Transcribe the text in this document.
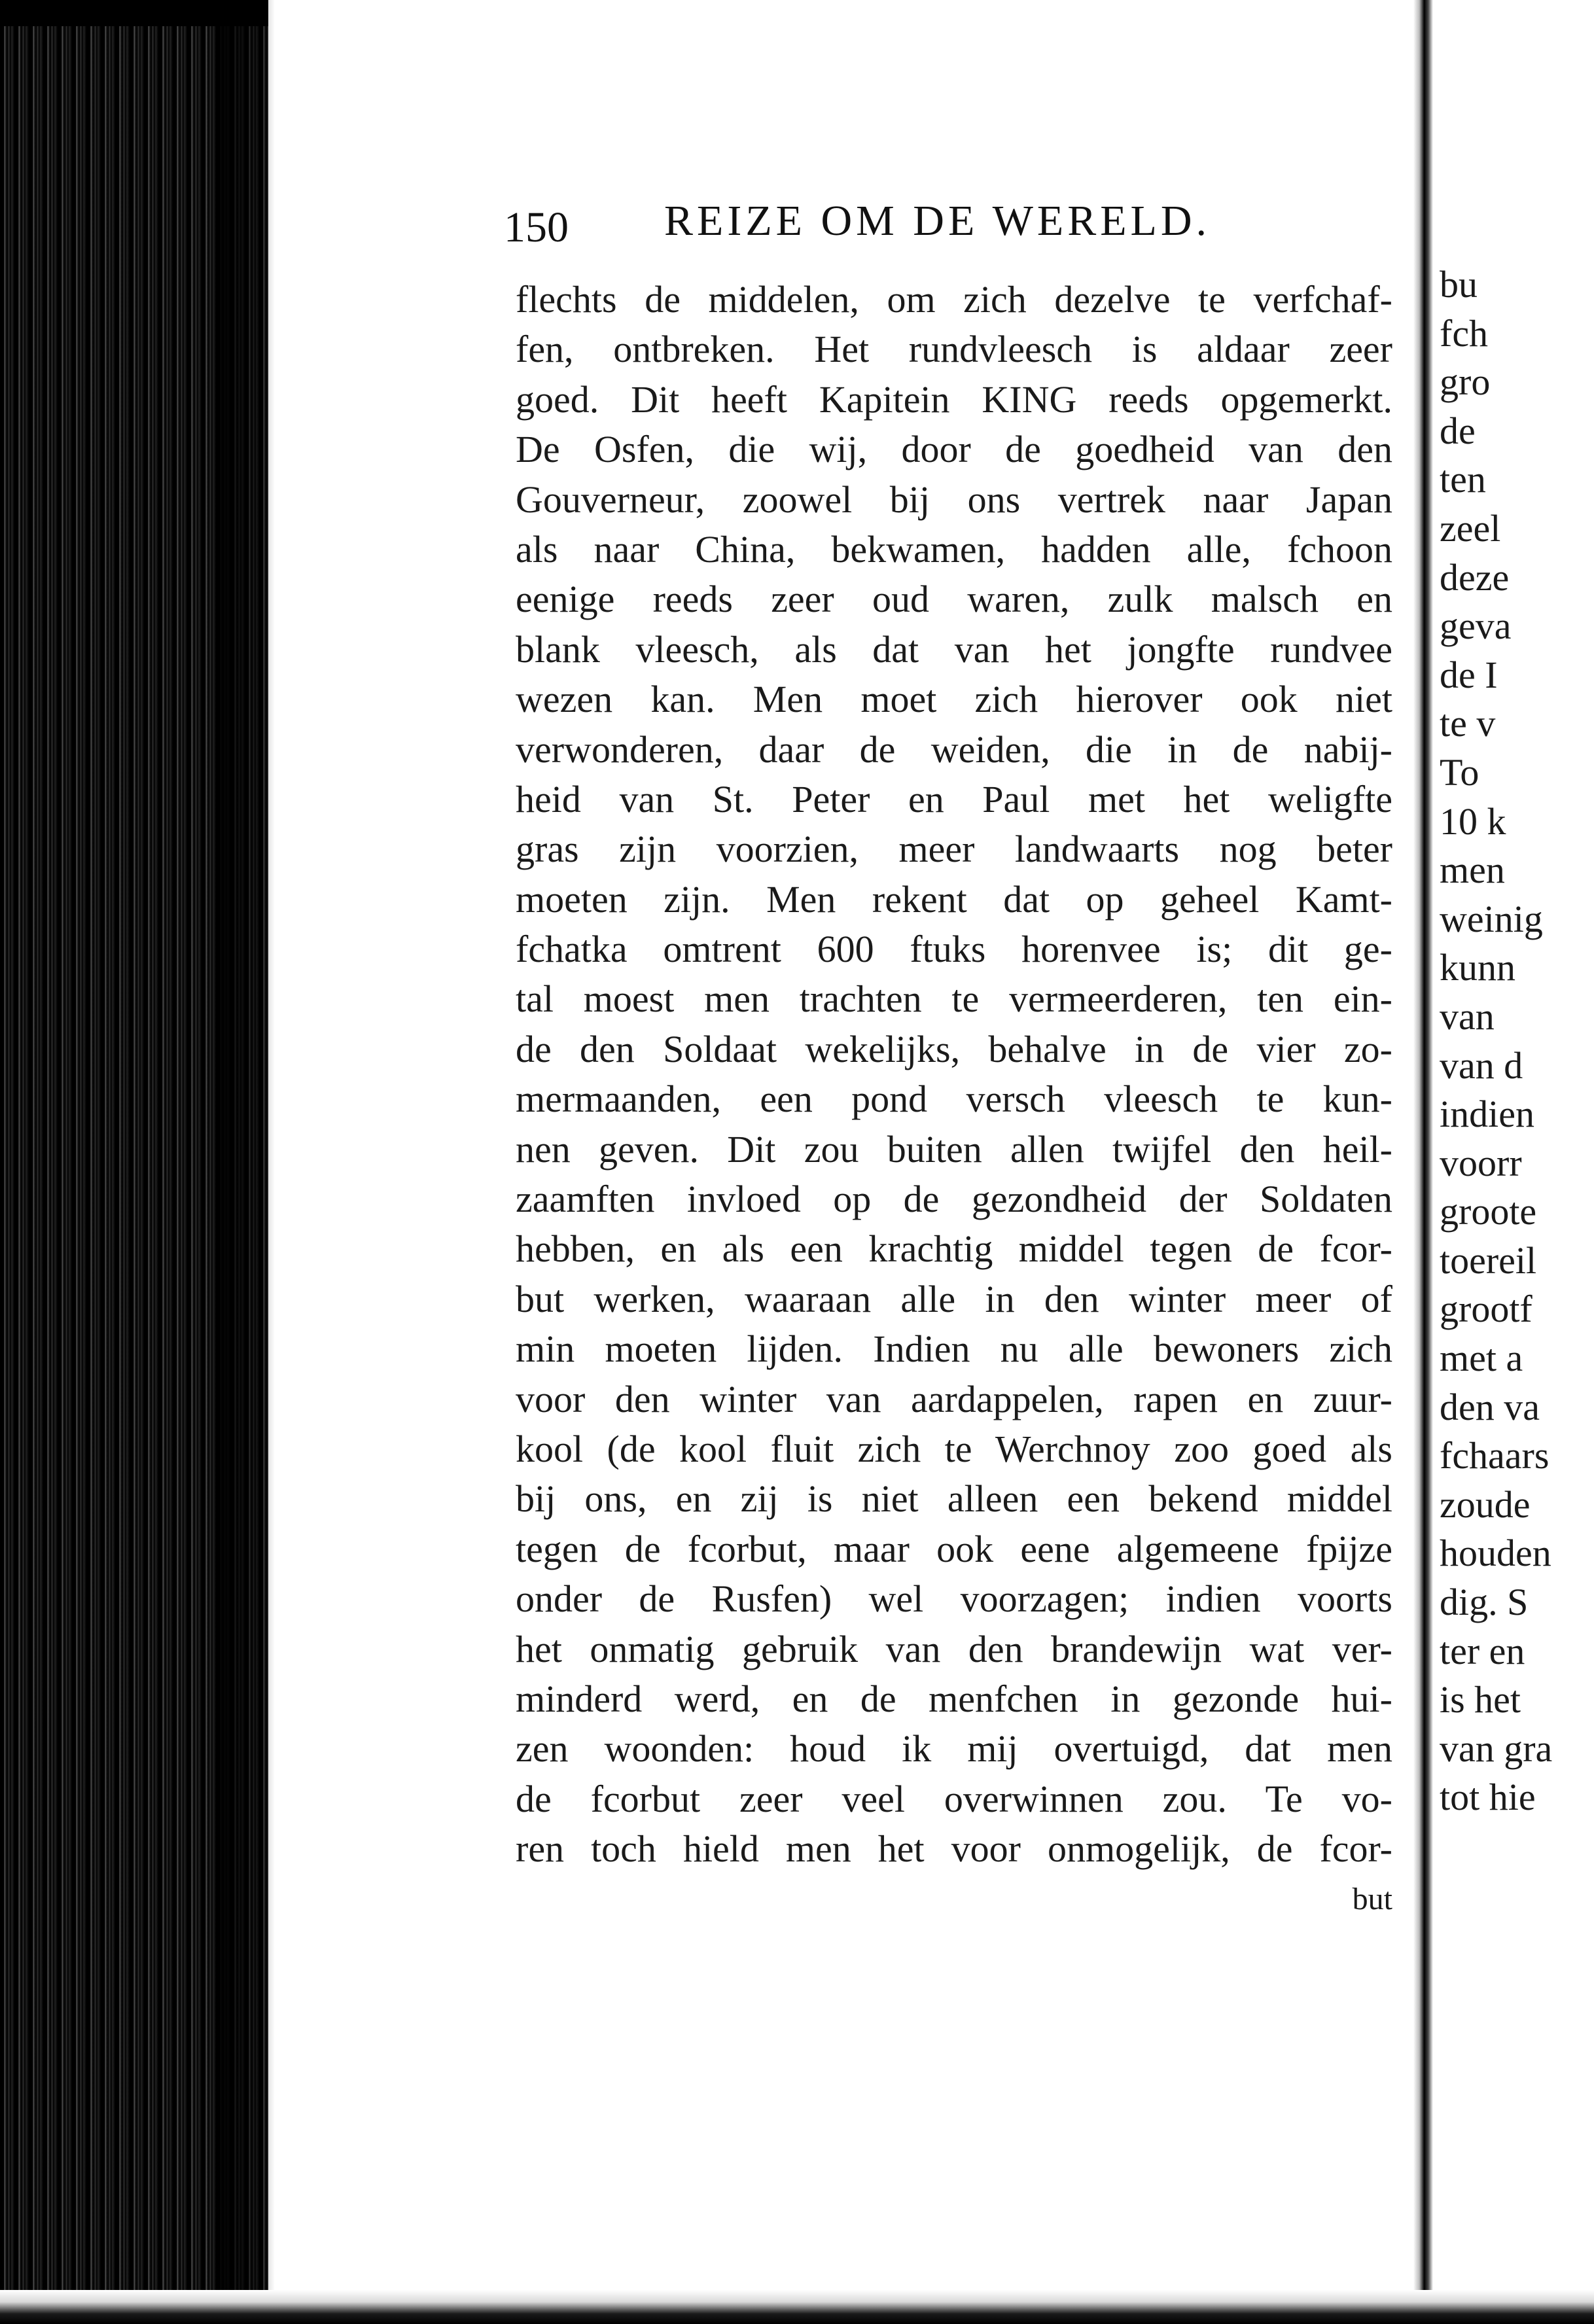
150 REIZE OM DE WERELD.
flechts de middelen, om zich dezelve te verfchaf-
fen, ontbreken. Het rundvleesch is aldaar zeer
goed. Dit heeft Kapitein KING reeds opgemerkt.
De Osfen, die wij, door de goedheid van den
Gouverneur, zoowel bij ons vertrek naar Japan
als naar China, bekwamen, hadden alle, fchoon
eenige reeds zeer oud waren, zulk malsch en
blank vleesch, als dat van het jongfte rundvee
wezen kan. Men moet zich hierover ook niet
verwonderen, daar de weiden, die in de nabij-
heid van St. Peter en Paul met het weligfte
gras zijn voorzien, meer landwaarts nog beter
moeten zijn. Men rekent dat op geheel Kamt-
fchatka omtrent 600 ftuks horenvee is; dit ge-
tal moest men trachten te vermeerderen, ten ein-
de den Soldaat wekelijks, behalve in de vier zo-
mermaanden, een pond versch vleesch te kun-
nen geven. Dit zou buiten allen twijfel den heil-
zaamften invloed op de gezondheid der Soldaten
hebben, en als een krachtig middel tegen de fcor-
but werken, waaraan alle in den winter meer of
min moeten lijden. Indien nu alle bewoners zich
voor den winter van aardappelen, rapen en zuur-
kool (de kool fluit zich te Werchnoy zoo goed als
bij ons, en zij is niet alleen een bekend middel
tegen de fcorbut, maar ook eene algemeene fpijze
onder de Rusfen) wel voorzagen; indien voorts
het onmatig gebruik van den brandewijn wat ver-
minderd werd, en de menfchen in gezonde hui-
zen woonden: houd ik mij overtuigd, dat men
de fcorbut zeer veel overwinnen zou. Te vo-
ren toch hield men het voor onmogelijk, de fcor-
but
bu
fch
gro
de
ten
zeel
deze
geva
de I
te v
To
10 k
men
weinig
kunn
van
van d
indien
voorr
groote
toereil
grootf
met a
den va
fchaars
zoude
houden
dig. S
ter en
is het
van gra
tot hie
